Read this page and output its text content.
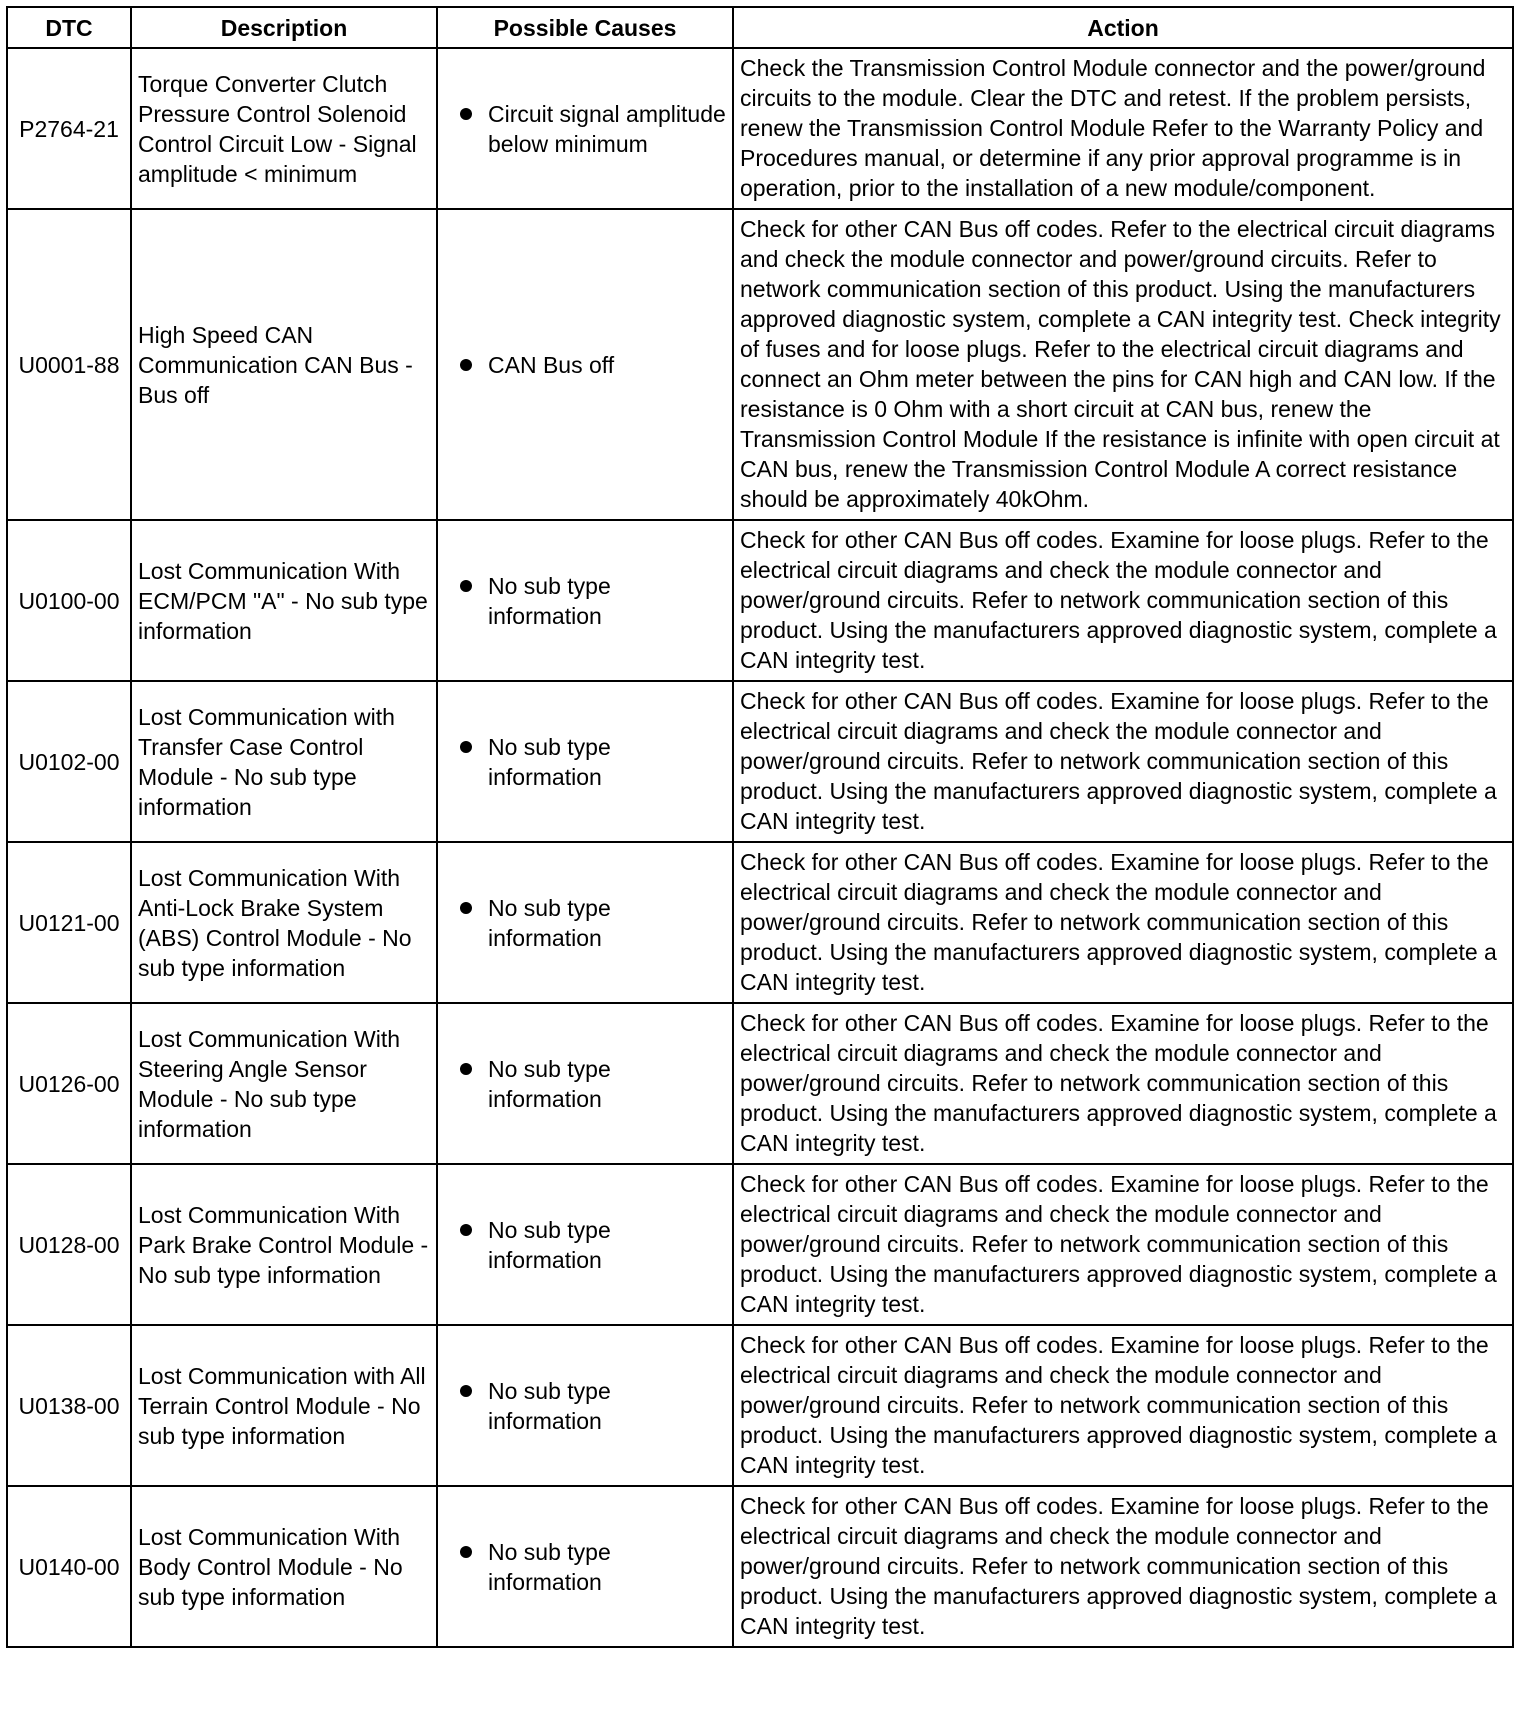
DTC	Description	Possible Causes	Action
P2764-21	Torque Converter Clutch Pressure Control Solenoid Control Circuit Low - Signal amplitude < minimum	Circuit signal amplitude below minimum	Check the Transmission Control Module connector and the power/ground circuits to the module. Clear the DTC and retest. If the problem persists, renew the Transmission Control Module Refer to the Warranty Policy and Procedures manual, or determine if any prior approval programme is in operation, prior to the installation of a new module/component.
U0001-88	High Speed CAN Communication CAN Bus - Bus off	CAN Bus off	Check for other CAN Bus off codes. Refer to the electrical circuit diagrams and check the module connector and power/ground circuits. Refer to network communication section of this product. Using the manufacturers approved diagnostic system, complete a CAN integrity test. Check integrity of fuses and for loose plugs. Refer to the electrical circuit diagrams and connect an Ohm meter between the pins for CAN high and CAN low. If the resistance is 0 Ohm with a short circuit at CAN bus, renew the Transmission Control Module If the resistance is infinite with open circuit at CAN bus, renew the Transmission Control Module A correct resistance should be approximately 40kOhm.
U0100-00	Lost Communication With ECM/PCM "A" - No sub type information	No sub type information	Check for other CAN Bus off codes. Examine for loose plugs. Refer to the electrical circuit diagrams and check the module connector and power/ground circuits. Refer to network communication section of this product. Using the manufacturers approved diagnostic system, complete a CAN integrity test.
U0102-00	Lost Communication with Transfer Case Control Module - No sub type information	No sub type information	Check for other CAN Bus off codes. Examine for loose plugs. Refer to the electrical circuit diagrams and check the module connector and power/ground circuits. Refer to network communication section of this product. Using the manufacturers approved diagnostic system, complete a CAN integrity test.
U0121-00	Lost Communication With Anti-Lock Brake System (ABS) Control Module - No sub type information	No sub type information	Check for other CAN Bus off codes. Examine for loose plugs. Refer to the electrical circuit diagrams and check the module connector and power/ground circuits. Refer to network communication section of this product. Using the manufacturers approved diagnostic system, complete a CAN integrity test.
U0126-00	Lost Communication With Steering Angle Sensor Module - No sub type information	No sub type information	Check for other CAN Bus off codes. Examine for loose plugs. Refer to the electrical circuit diagrams and check the module connector and power/ground circuits. Refer to network communication section of this product. Using the manufacturers approved diagnostic system, complete a CAN integrity test.
U0128-00	Lost Communication With Park Brake Control Module - No sub type information	No sub type information	Check for other CAN Bus off codes. Examine for loose plugs. Refer to the electrical circuit diagrams and check the module connector and power/ground circuits. Refer to network communication section of this product. Using the manufacturers approved diagnostic system, complete a CAN integrity test.
U0138-00	Lost Communication with All Terrain Control Module - No sub type information	No sub type information	Check for other CAN Bus off codes. Examine for loose plugs. Refer to the electrical circuit diagrams and check the module connector and power/ground circuits. Refer to network communication section of this product. Using the manufacturers approved diagnostic system, complete a CAN integrity test.
U0140-00	Lost Communication With Body Control Module - No sub type information	No sub type information	Check for other CAN Bus off codes. Examine for loose plugs. Refer to the electrical circuit diagrams and check the module connector and power/ground circuits. Refer to network communication section of this product. Using the manufacturers approved diagnostic system, complete a CAN integrity test.
